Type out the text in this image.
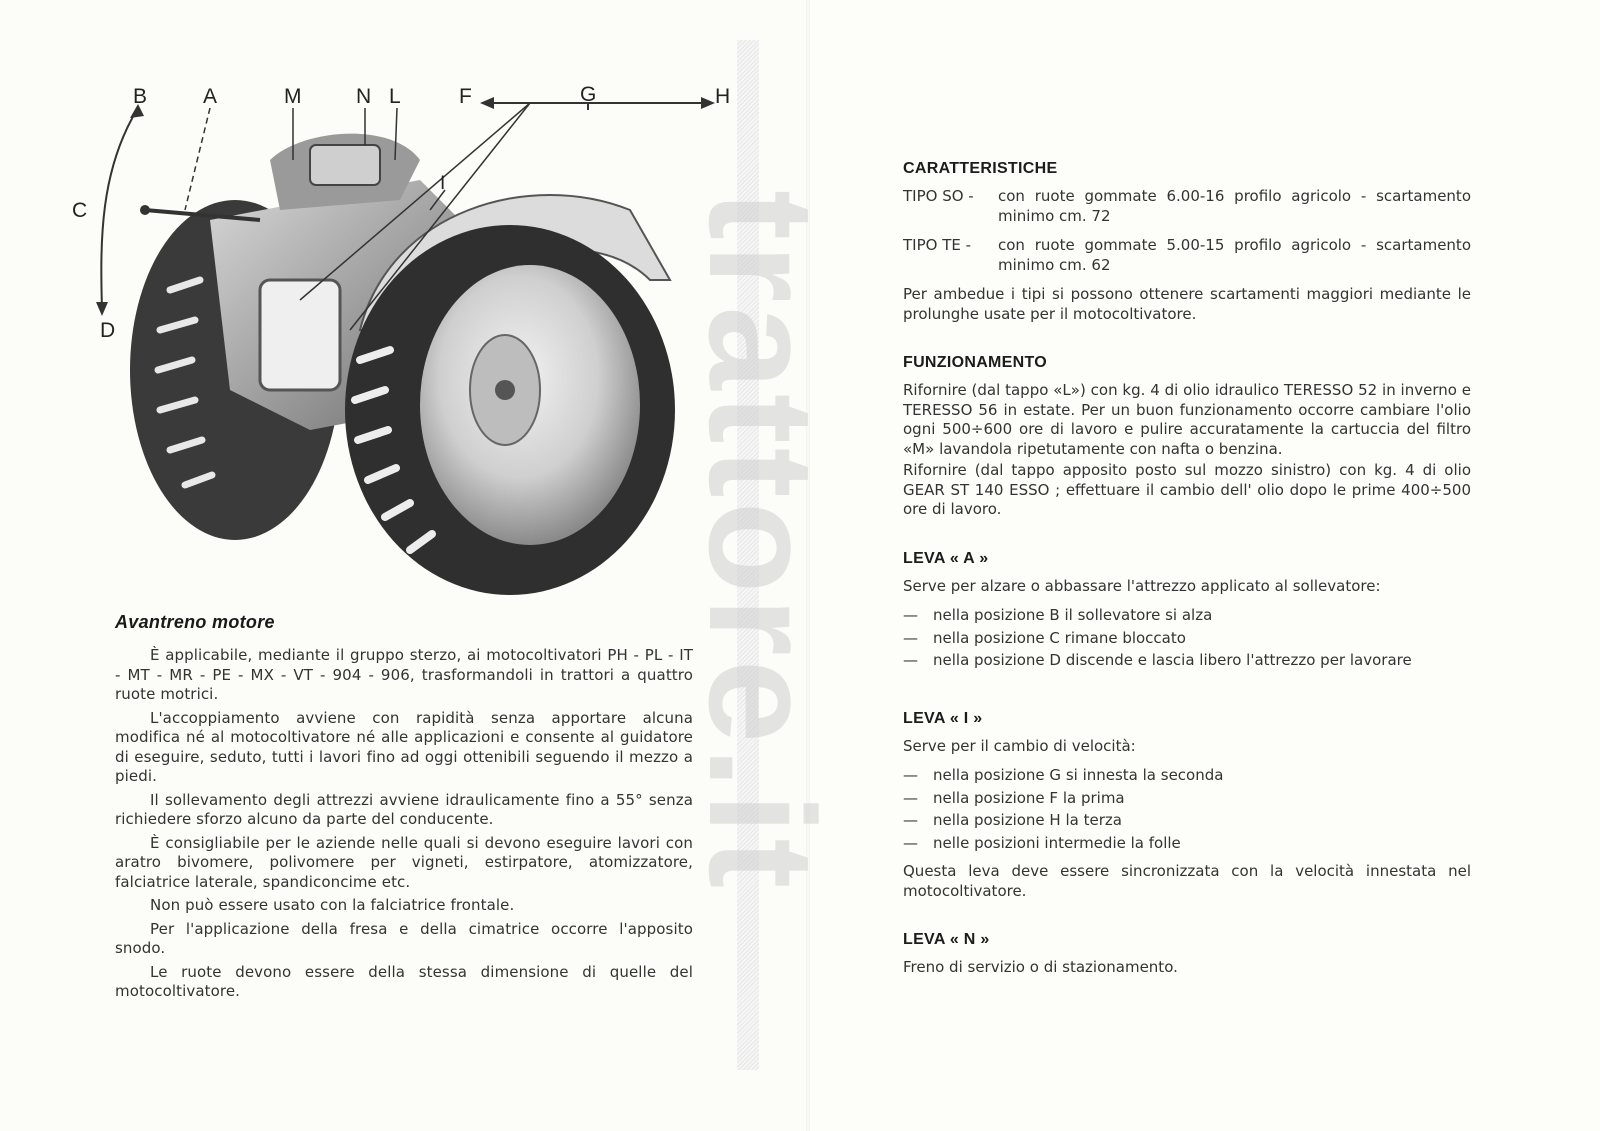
trattore.it
B	A	M	N L	F	G	H
C
D
I
Avantreno motore

È applicabile, mediante il gruppo sterzo, ai motocoltivatori PH - PL - IT - MT - MR - PE - MX - VT - 904 - 906, trasformandoli in trattori a quattro ruote motrici.

L'accoppiamento avviene con rapidità senza apportare alcuna modifica né al motocoltivatore né alle applicazioni e consente al guidatore di eseguire, seduto, tutti i lavori fino ad oggi ottenibili seguendo il mezzo a piedi.

Il sollevamento degli attrezzi avviene idraulicamente fino a 55° senza richiedere sforzo alcuno da parte del conducente.

È consigliabile per le aziende nelle quali si devono eseguire lavori con aratro bivomere, polivomere per vigneti, estirpatore, atomizzatore, falciatrice laterale, spandiconcime etc.

Non può essere usato con la falciatrice frontale.

Per l'applicazione della fresa e della cimatrice occorre l'apposito snodo.

Le ruote devono essere della stessa dimensione di quelle del motocoltivatore.

CARATTERISTICHE
TIPO SO -	con ruote gommate 6.00-16 profilo agricolo - scartamento minimo cm. 72
TIPO TE -	con ruote gommate 5.00-15 profilo agricolo - scartamento minimo cm. 62

Per ambedue i tipi si possono ottenere scartamenti maggiori mediante le prolunghe usate per il motocoltivatore.

FUNZIONAMENTO

Rifornire (dal tappo «L») con kg. 4 di olio idraulico TERESSO 52 in inverno e TERESSO 56 in estate. Per un buon funzionamento occorre cambiare l'olio ogni 500÷600 ore di lavoro e pulire accuratamente la cartuccia del filtro «M» lavandola ripetutamente con nafta o benzina.

Rifornire (dal tappo apposito posto sul mozzo sinistro) con kg. 4 di olio GEAR ST 140 ESSO ; effettuare il cambio dell' olio dopo le prime 400÷500 ore di lavoro.

LEVA « A »

Serve per alzare o abbassare l'attrezzo applicato al sollevatore:

—	nella posizione B il sollevatore si alza
—	nella posizione C rimane bloccato
—	nella posizione D discende e lascia libero l'attrezzo per lavorare
LEVA « I »

Serve per il cambio di velocità:

—	nella posizione G si innesta la seconda
—	nella posizione F la prima
—	nella posizione H la terza
—	nelle posizioni intermedie la folle

Questa leva deve essere sincronizzata con la velocità innestata nel motocoltivatore.

LEVA « N »

Freno di servizio o di stazionamento.
